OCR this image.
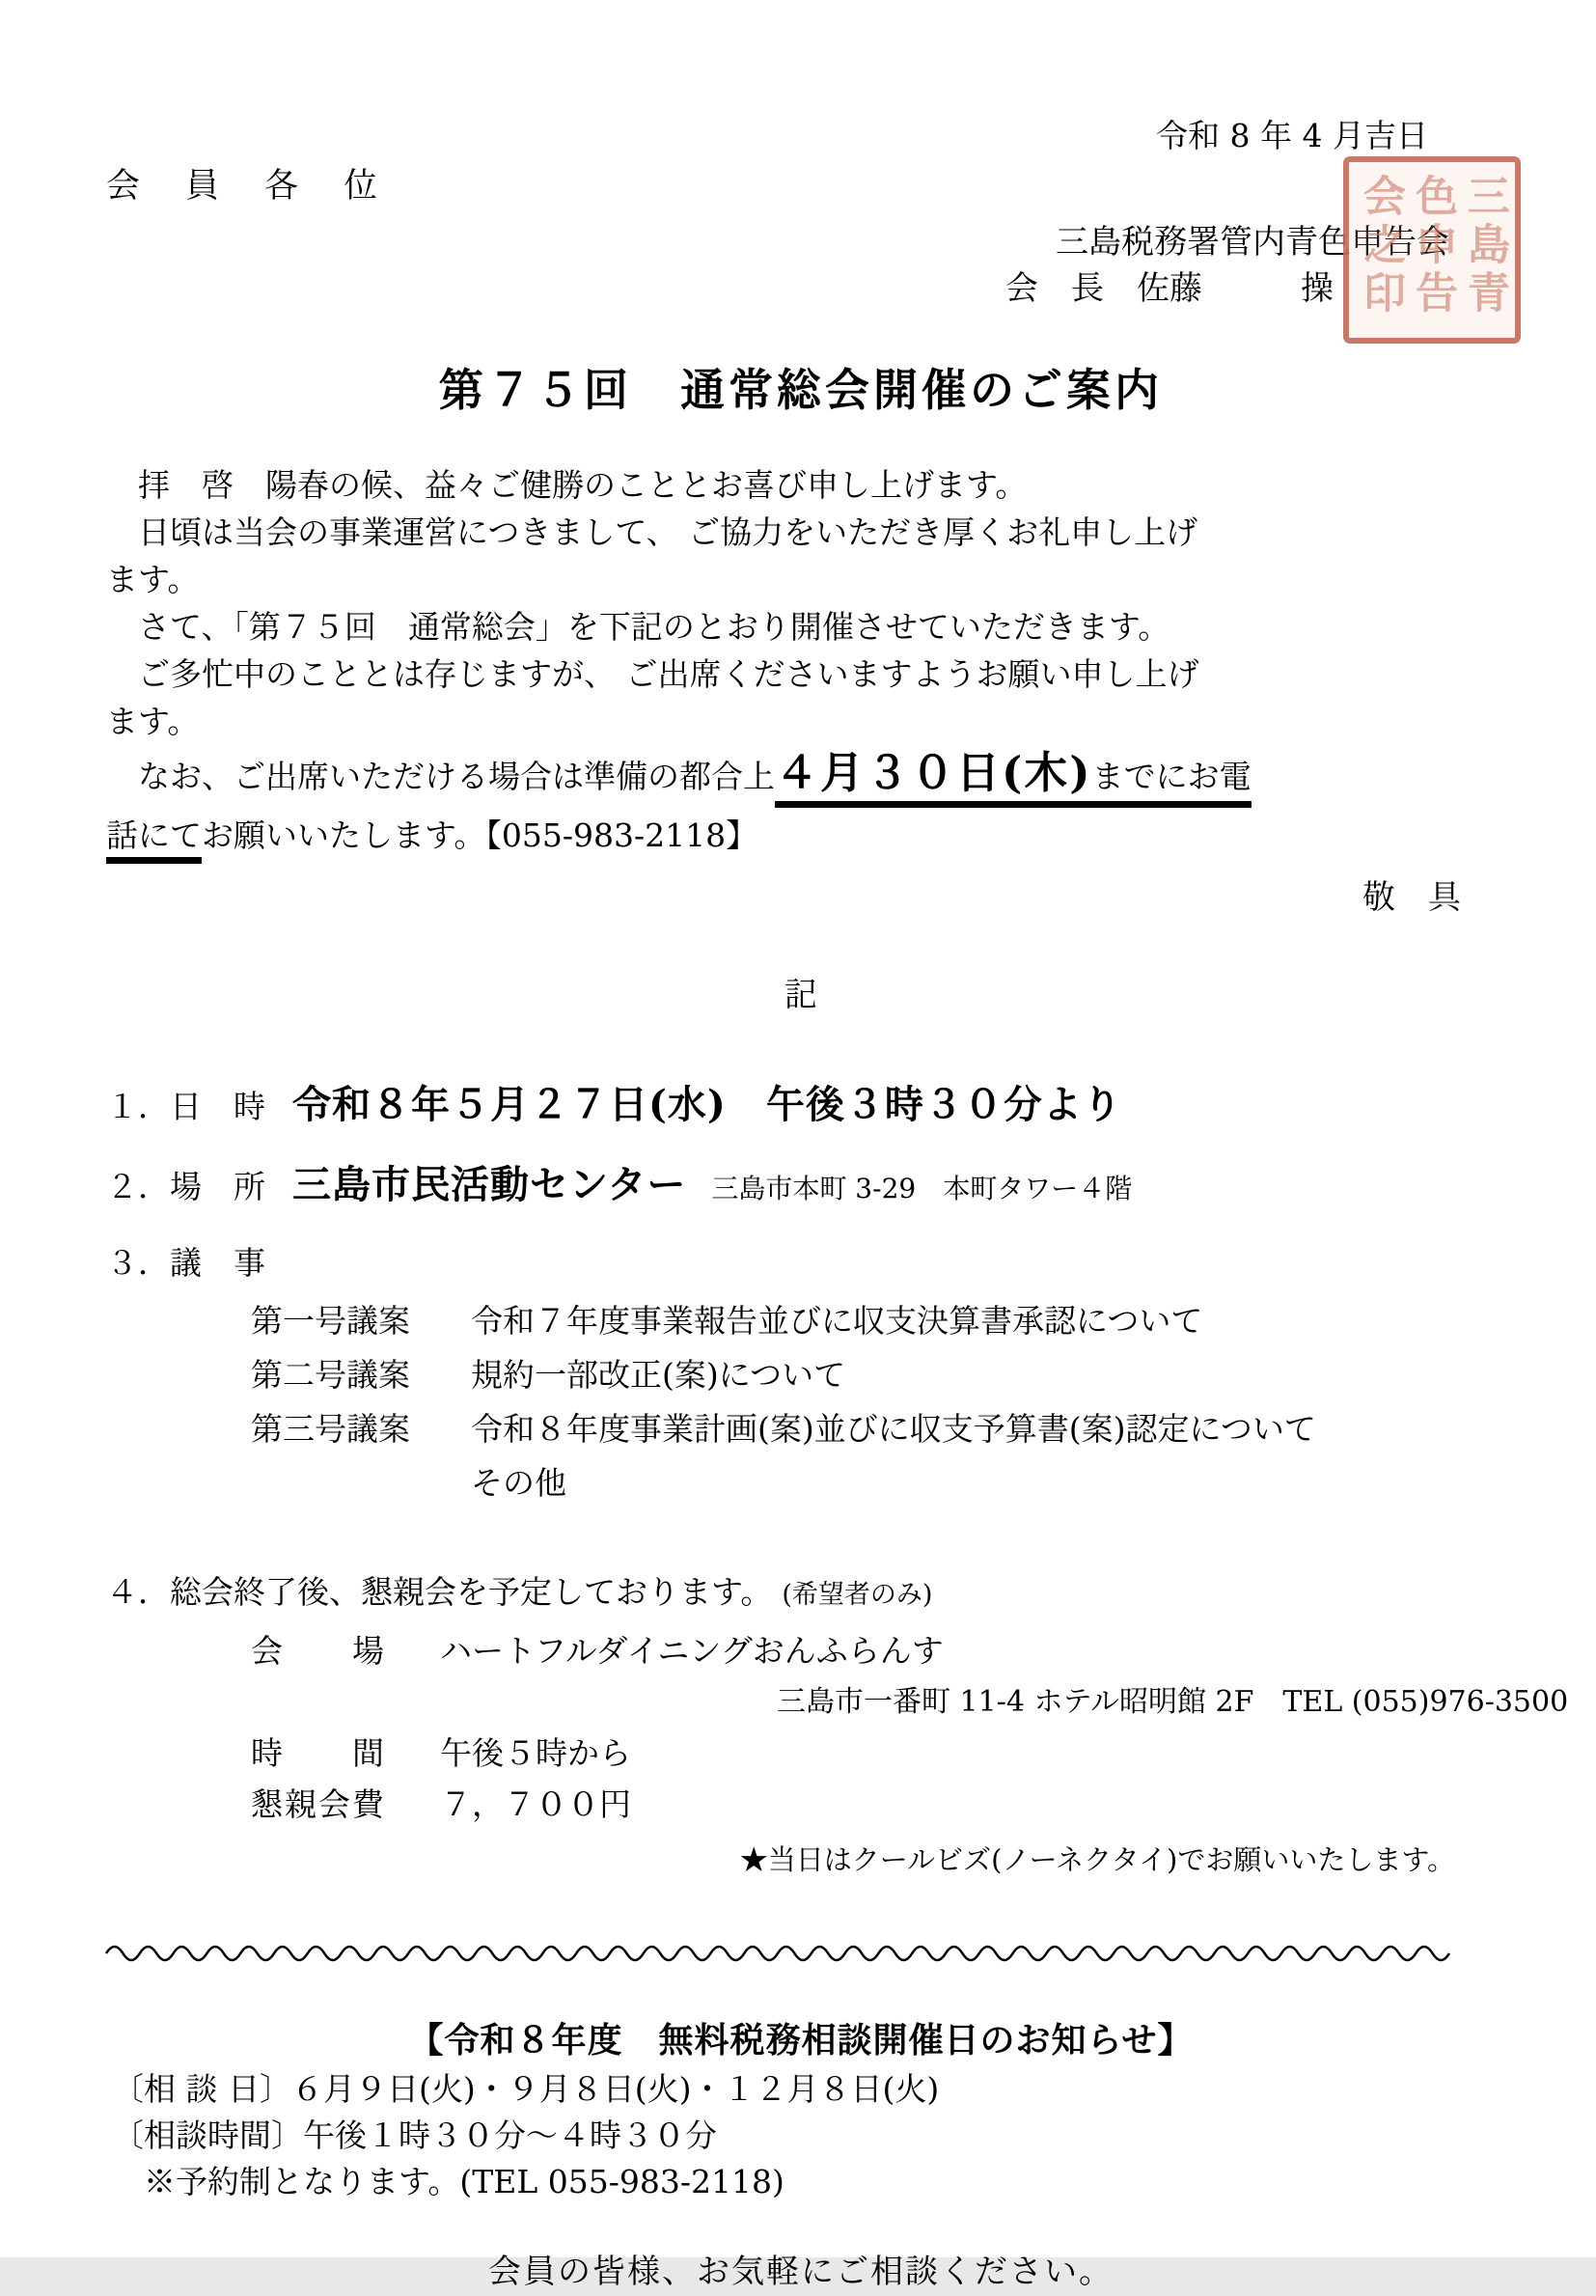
令和 8 年 4 月吉日
会　員　各　位
三島税務署管内青色申告会
会　長　佐藤　　　操	三島青色申告会之印
第７５回　通常総会開催のご案内
　拝　啓　陽春の候、益々ご健勝のこととお喜び申し上げます。
　日頃は当会の事業運営につきまして、 ご協力をいただき厚くお礼申し上げ
ます。
　さて、「第７５回　通常総会」を下記のとおり開催させていただきます。
　ご多忙中のこととは存じますが、 ご出席くださいますようお願い申し上げ
ます。
　なお、ご出席いただける場合は準備の都合上４月３０日(木)までにお電
話にてお願いいたします。【055-983-2118】
敬　具
記
１． 日　時 令和８年５月２７日(水)　午後３時３０分より
２． 場　所 三島市民活動センター 三島市本町 3-29　本町タワー４階
３．議　事
第一号議案	令和７年度事業報告並びに収支決算書承認について
第二号議案	規約一部改正(案)について
第三号議案	令和８年度事業計画(案)並びに収支予算書(案)認定について
その他
４．総会終了後、懇親会を予定しております。 (希望者のみ)
会　　場	ハートフルダイニングおんふらんす
三島市一番町 11-4 ホテル昭明館 2F　TEL (055)976-3500
時　　間	午後５時から
懇親会費	７，７００円
★当日はクールビズ(ノーネクタイ)でお願いいたします。
【令和８年度　無料税務相談開催日のお知らせ】
〔相 談 日〕６月９日(火)・９月８日(火)・１２月８日(火)
〔相談時間〕午後１時３０分～４時３０分
　※予約制となります。(TEL 055-983-2118)
会員の皆様、お気軽にご相談ください。
